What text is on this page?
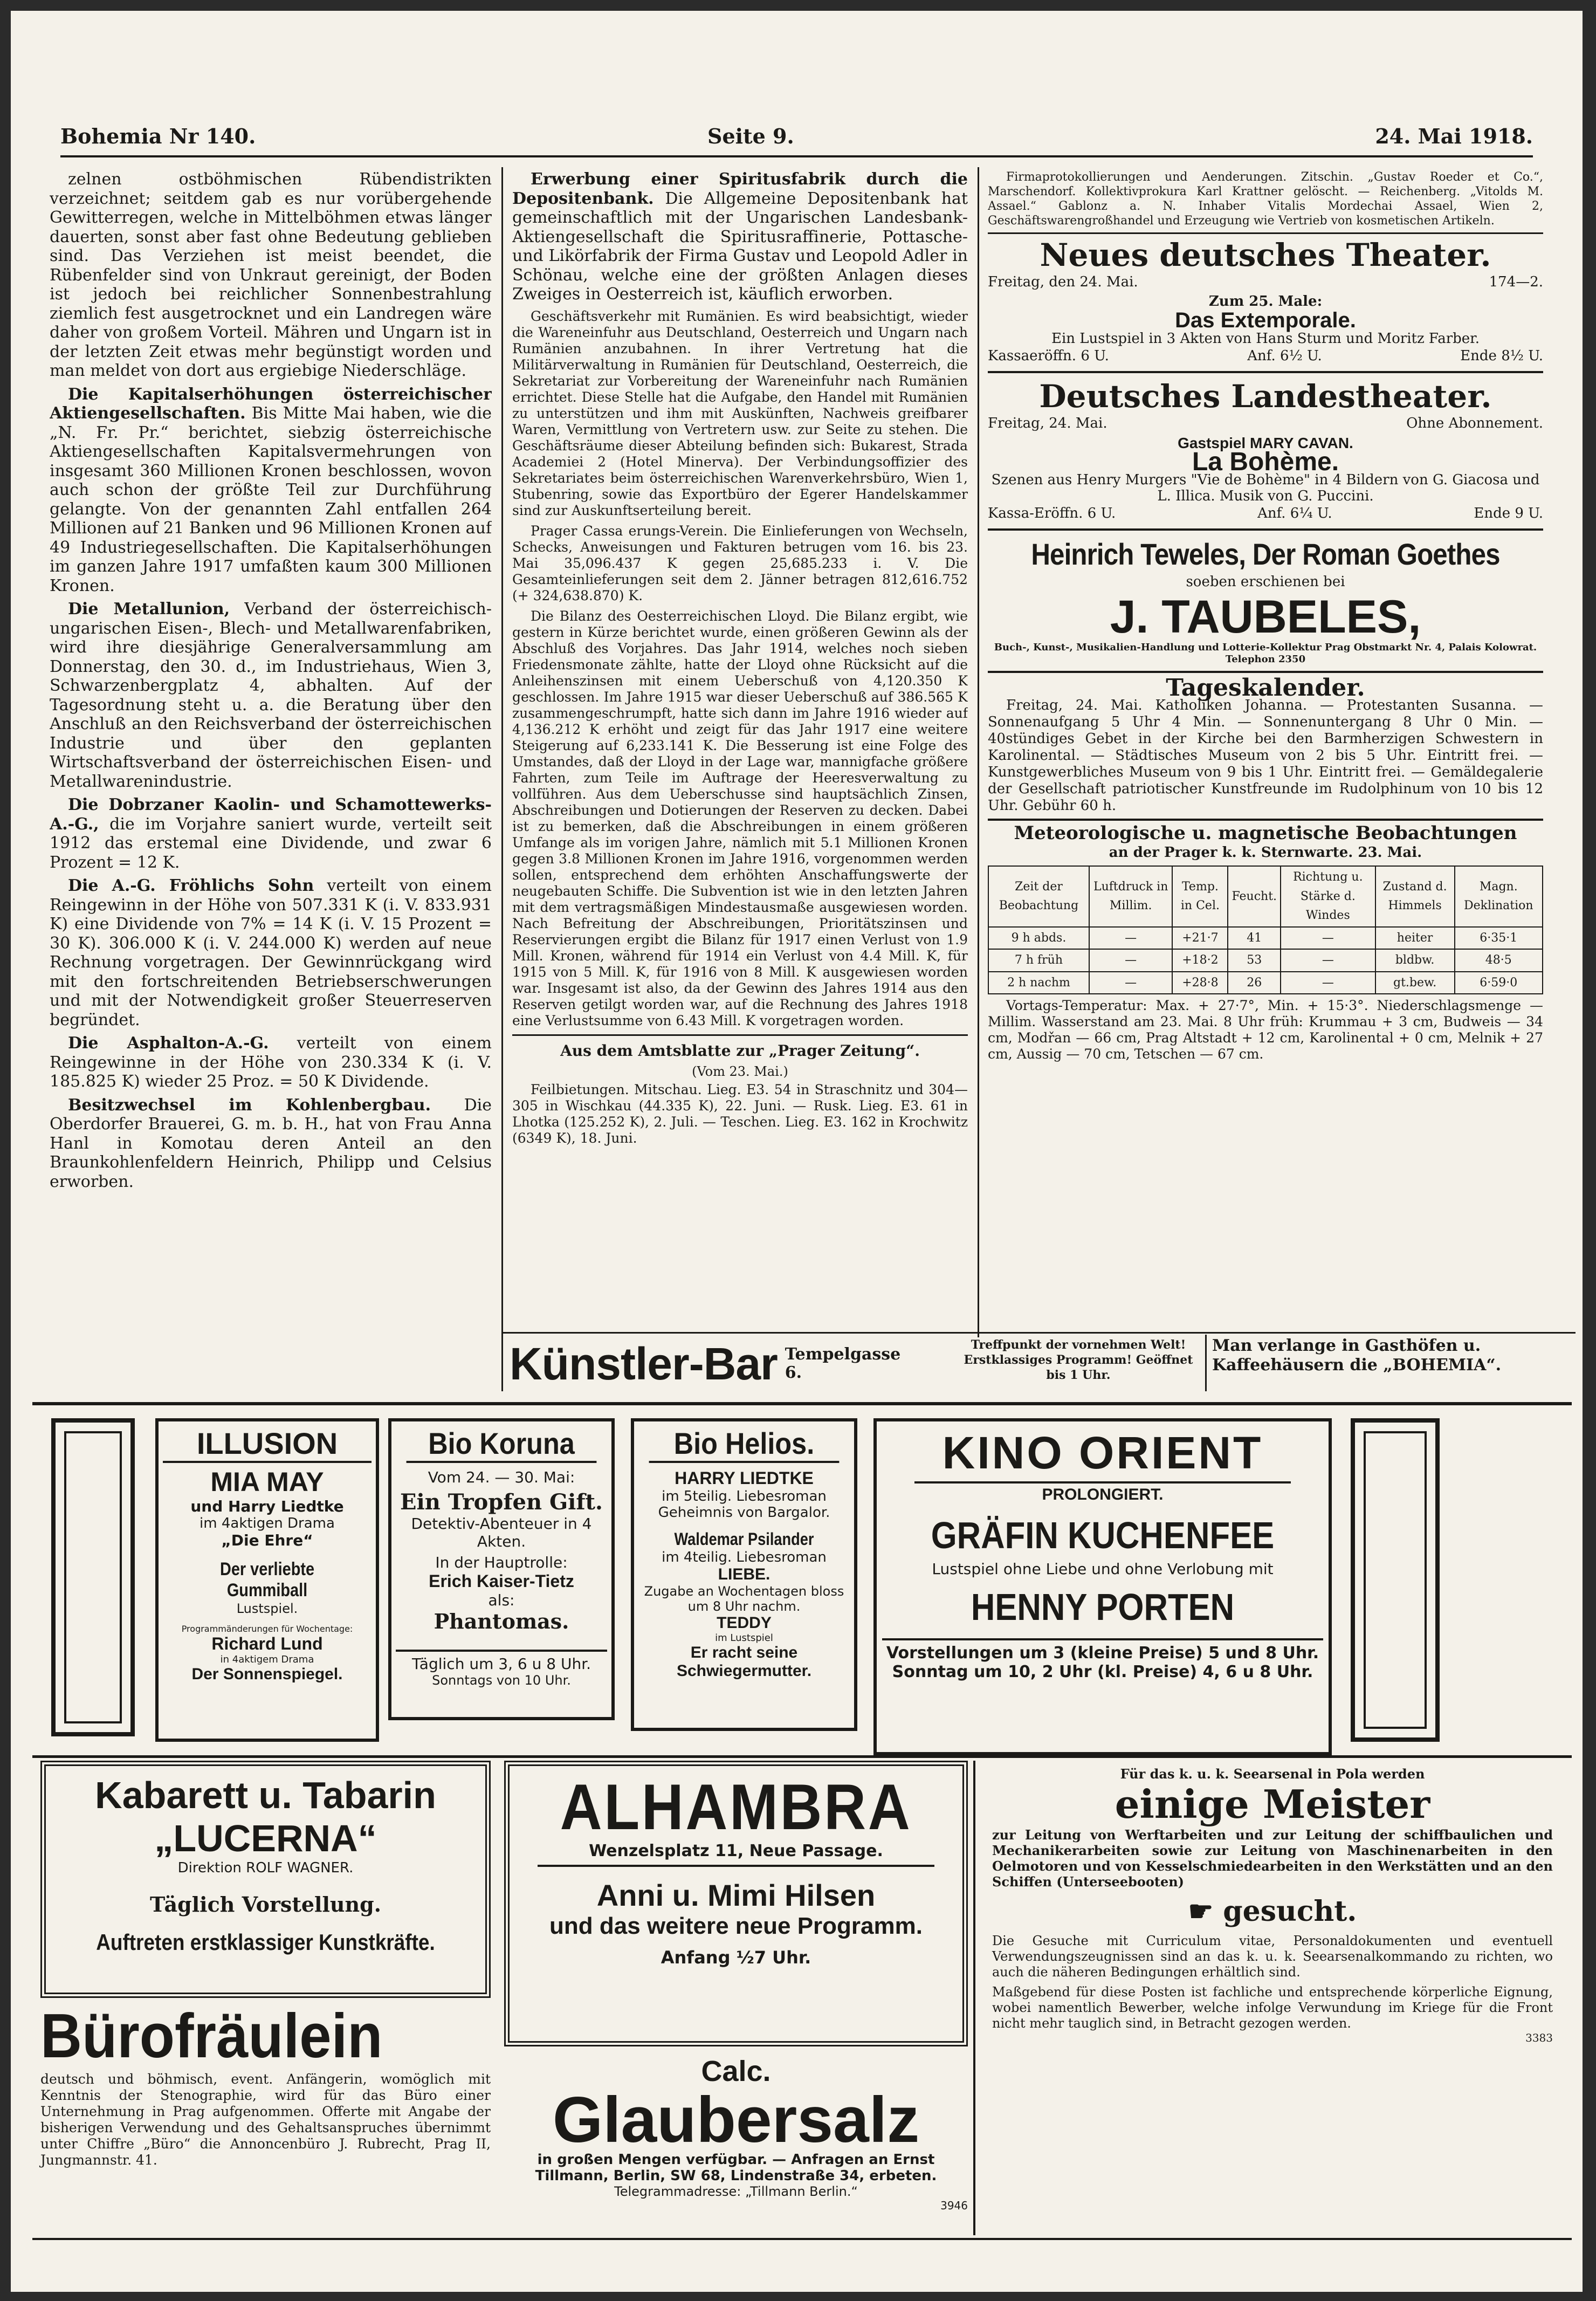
Bohemia Nr 140.	Seite 9.	24. Mai 1918.

zelnen ostböhmischen Rübendistrikten verzeichnet; seitdem gab es nur vorübergehende Gewitterregen, welche in Mittelböhmen etwas länger dauerten, sonst aber fast ohne Bedeutung geblieben sind. Das Verziehen ist meist beendet, die Rübenfelder sind von Unkraut gereinigt, der Boden ist jedoch bei reichlicher Sonnenbestrahlung ziemlich fest ausgetrocknet und ein Landregen wäre daher von großem Vorteil. Mähren und Ungarn ist in der letzten Zeit etwas mehr begünstigt worden und man meldet von dort aus ergiebige Niederschläge.

Die Kapitalserhöhungen österreichischer Aktiengesellschaften. Bis Mitte Mai haben, wie die „N. Fr. Pr.“ berichtet, siebzig österreichische Aktiengesellschaften Kapitalsvermehrungen von insgesamt 360 Millionen Kronen beschlossen, wovon auch schon der größte Teil zur Durchführung gelangte. Von der genannten Zahl entfallen 264 Millionen auf 21 Banken und 96 Millionen Kronen auf 49 Industriegesellschaften. Die Kapitalserhöhungen im ganzen Jahre 1917 umfaßten kaum 300 Millionen Kronen.

Die Metallunion, Verband der österreichisch-ungarischen Eisen-, Blech- und Metallwarenfabriken, wird ihre diesjährige Generalversammlung am Donnerstag, den 30. d., im Industriehaus, Wien 3, Schwarzenbergplatz 4, abhalten. Auf der Tagesordnung steht u. a. die Beratung über den Anschluß an den Reichsverband der österreichischen Industrie und über den geplanten Wirtschaftsverband der österreichischen Eisen- und Metallwarenindustrie.

Die Dobrzaner Kaolin- und Schamottewerks-A.-G., die im Vorjahre saniert wurde, verteilt seit 1912 das erstemal eine Dividende, und zwar 6 Prozent = 12 K.

Die A.-G. Fröhlichs Sohn verteilt von einem Reingewinn in der Höhe von 507.331 K (i. V. 833.931 K) eine Dividende von 7% = 14 K (i. V. 15 Prozent = 30 K). 306.000 K (i. V. 244.000 K) werden auf neue Rechnung vorgetragen. Der Gewinnrückgang wird mit den fortschreitenden Betriebserschwerungen und mit der Notwendigkeit großer Steuerreserven begründet.

Die Asphalton-A.-G. verteilt von einem Reingewinne in der Höhe von 230.334 K (i. V. 185.825 K) wieder 25 Proz. = 50 K Dividende.

Besitzwechsel im Kohlenbergbau. Die Oberdorfer Brauerei, G. m. b. H., hat von Frau Anna Hanl in Komotau deren Anteil an den Braunkohlenfeldern Heinrich, Philipp und Celsius erworben.

Erwerbung einer Spiritusfabrik durch die Depositenbank. Die Allgemeine Depositenbank hat gemeinschaftlich mit der Ungarischen Landesbank-Aktiengesellschaft die Spiritusraffinerie, Pottasche- und Likörfabrik der Firma Gustav und Leopold Adler in Schönau, welche eine der größten Anlagen dieses Zweiges in Oesterreich ist, käuflich erworben.

Geschäftsverkehr mit Rumänien. Es wird beabsichtigt, wieder die Wareneinfuhr aus Deutschland, Oesterreich und Ungarn nach Rumänien anzubahnen. In ihrer Vertretung hat die Militärverwaltung in Rumänien für Deutschland, Oesterreich, die Sekretariat zur Vorbereitung der Wareneinfuhr nach Rumänien errichtet. Diese Stelle hat die Aufgabe, den Handel mit Rumänien zu unterstützen und ihm mit Auskünften, Nachweis greifbarer Waren, Vermittlung von Vertretern usw. zur Seite zu stehen. Die Geschäftsräume dieser Abteilung befinden sich: Bukarest, Strada Academiei 2 (Hotel Minerva). Der Verbindungsoffizier des Sekretariates beim österreichischen Warenverkehrsbüro, Wien 1, Stubenring, sowie das Exportbüro der Egerer Handelskammer sind zur Auskunftserteilung bereit.

Prager Cassa erungs-Verein. Die Einlieferungen von Wechseln, Schecks, Anweisungen und Fakturen betrugen vom 16. bis 23. Mai 35,096.437 K gegen 25,685.233 i. V. Die Gesamteinlieferungen seit dem 2. Jänner betragen 812,616.752 (+ 324,638.870) K.

Die Bilanz des Oesterreichischen Lloyd. Die Bilanz ergibt, wie gestern in Kürze berichtet wurde, einen größeren Gewinn als der Abschluß des Vorjahres. Das Jahr 1914, welches noch sieben Friedensmonate zählte, hatte der Lloyd ohne Rücksicht auf die Anleihenszinsen mit einem Ueberschuß von 4,120.350 K geschlossen. Im Jahre 1915 war dieser Ueberschuß auf 386.565 K zusammengeschrumpft, hatte sich dann im Jahre 1916 wieder auf 4,136.212 K erhöht und zeigt für das Jahr 1917 eine weitere Steigerung auf 6,233.141 K. Die Besserung ist eine Folge des Umstandes, daß der Lloyd in der Lage war, mannigfache größere Fahrten, zum Teile im Auftrage der Heeresverwaltung zu vollführen. Aus dem Ueberschusse sind hauptsächlich Zinsen, Abschreibungen und Dotierungen der Reserven zu decken. Dabei ist zu bemerken, daß die Abschreibungen in einem größeren Umfange als im vorigen Jahre, nämlich mit 5.1 Millionen Kronen gegen 3.8 Millionen Kronen im Jahre 1916, vorgenommen werden sollen, entsprechend dem erhöhten Anschaffungswerte der neugebauten Schiffe. Die Subvention ist wie in den letzten Jahren mit dem vertragsmäßigen Mindestausmaße ausgewiesen worden. Nach Befreitung der Abschreibungen, Prioritätszinsen und Reservierungen ergibt die Bilanz für 1917 einen Verlust von 1.9 Mill. Kronen, während für 1914 ein Verlust von 4.4 Mill. K, für 1915 von 5 Mill. K, für 1916 von 8 Mill. K ausgewiesen worden war. Insgesamt ist also, da der Gewinn des Jahres 1914 aus den Reserven getilgt worden war, auf die Rechnung des Jahres 1918 eine Verlustsumme von 6.43 Mill. K vorgetragen worden.

Aus dem Amtsblatte zur „Prager Zeitung“.
(Vom 23. Mai.)

Feilbietungen. Mitschau. Lieg. E3. 54 in Straschnitz und 304—305 in Wischkau (44.335 K), 22. Juni. — Rusk. Lieg. E3. 61 in Lhotka (125.252 K), 2. Juli. — Teschen. Lieg. E3. 162 in Krochwitz (6349 K), 18. Juni.

Firmaprotokollierungen und Aenderungen. Zitschin. „Gustav Roeder et Co.“, Marschendorf. Kollektivprokura Karl Krattner gelöscht. — Reichenberg. „Vitolds M. Assael.“ Gablonz a. N. Inhaber Vitalis Mordechai Assael, Wien 2, Geschäftswarengroßhandel und Erzeugung wie Vertrieb von kosmetischen Artikeln.

Neues deutsches Theater.
Freitag, den 24. Mai.	174—2.
Zum 25. Male:
Das Extemporale.
Ein Lustspiel in 3 Akten von Hans Sturm und Moritz Farber.
Kassaeröffn. 6 U.	Anf. 6½ U.	Ende 8½ U.
Deutsches Landestheater.
Freitag, 24. Mai.	Ohne Abonnement.
Gastspiel MARY CAVAN.
La Bohème.
Szenen aus Henry Murgers "Vie de Bohème" in 4 Bildern von G. Giacosa und L. Illica. Musik von G. Puccini.
Kassa-Eröffn. 6 U.	Anf. 6¼ U.	Ende 9 U.
Heinrich Teweles, Der Roman Goethes
soeben erschienen bei
J. TAUBELES,
Buch-, Kunst-, Musikalien-Handlung und Lotterie-Kollektur Prag Obstmarkt Nr. 4, Palais Kolowrat. Telephon 2350
Tageskalender.

Freitag, 24. Mai. Katholiken Johanna. — Protestanten Susanna. — Sonnenaufgang 5 Uhr 4 Min. — Sonnenuntergang 8 Uhr 0 Min. — 40stündiges Gebet in der Kirche bei den Barmherzigen Schwestern in Karolinental. — Städtisches Museum von 2 bis 5 Uhr. Eintritt frei. — Kunstgewerbliches Museum von 9 bis 1 Uhr. Eintritt frei. — Gemäldegalerie der Gesellschaft patriotischer Kunstfreunde im Rudolphinum von 10 bis 12 Uhr. Gebühr 60 h.

Meteorologische u. magnetische Beobachtungen
an der Prager k. k. Sternwarte. 23. Mai.
Zeit der Beobachtung	Luftdruck in Millim.	Temp. in Cel.	Feucht.	Richtung u. Stärke d. Windes	Zustand d. Himmels	Magn. Deklination
9 h abds.	—	+21·7	41	—	heiter	6·35·1
7 h früh	—	+18·2	53	—	bldbw.	48·5
2 h nachm	—	+28·8	26	—	gt.bew.	6·59·0

Vortags-Temperatur: Max. + 27·7°, Min. + 15·3°. Niederschlagsmenge — Millim. Wasserstand am 23. Mai. 8 Uhr früh: Krummau + 3 cm, Budweis — 34 cm, Modřan — 66 cm, Prag Altstadt + 12 cm, Karolinental + 0 cm, Melnik + 27 cm, Aussig — 70 cm, Tetschen — 67 cm.

Künstler-Bar Tempelgasse 6.
Treffpunkt der vornehmen Welt! Erstklassiges Programm! Geöffnet bis 1 Uhr.
Man verlange in Gasthöfen u. Kaffeehäusern die „BOHEMIA“.
ILLUSION
MIA MAY
und Harry Liedtke
im 4aktigen Drama
„Die Ehre“
Der verliebte Gummiball
Lustspiel.
Programmänderungen für Wochentage:
Richard Lund
in 4aktigem Drama
Der Sonnenspiegel.
Bio Koruna
Vom 24. — 30. Mai:
Ein Tropfen Gift.
Detektiv-Abenteuer in 4 Akten.
In der Hauptrolle:
Erich Kaiser-Tietz
als:
Phantomas.
Täglich um 3, 6 u 8 Uhr.
Sonntags von 10 Uhr.
Bio Helios.
HARRY LIEDTKE
im 5teilig. Liebesroman
Geheimnis von Bargalor.
Waldemar Psilander
im 4teilig. Liebesroman
LIEBE.
Zugabe an Wochentagen bloss um 8 Uhr nachm.
TEDDY
im Lustspiel
Er racht seine Schwiegermutter.
KINO ORIENT
PROLONGIERT.
GRÄFIN KUCHENFEE
Lustspiel ohne Liebe und ohne Verlobung mit
HENNY PORTEN
Vorstellungen um 3 (kleine Preise) 5 und 8 Uhr.
Sonntag um 10, 2 Uhr (kl. Preise) 4, 6 u 8 Uhr.
Kabarett u. Tabarin
„LUCERNA“
Direktion ROLF WAGNER.
Täglich Vorstellung.
Auftreten erstklassiger Kunstkräfte.
Bürofräulein
deutsch und böhmisch, event. Anfängerin, womöglich mit Kenntnis der Stenographie, wird für das Büro einer Unternehmung in Prag aufgenommen. Offerte mit Angabe der bisherigen Verwendung und des Gehaltsanspruches übernimmt unter Chiffre „Büro“ die Annoncenbüro J. Rubrecht, Prag II, Jungmannstr. 41.
ALHAMBRA
Wenzelsplatz 11, Neue Passage.
Anni u. Mimi Hilsen
und das weitere neue Programm.
Anfang ½7 Uhr.
Calc.
Glaubersalz
in großen Mengen verfügbar. — Anfragen an Ernst Tillmann, Berlin, SW 68, Lindenstraße 34, erbeten.
Telegrammadresse: „Tillmann Berlin.“
3946
Für das k. u. k. Seearsenal in Pola werden
einige Meister
zur Leitung von Werftarbeiten und zur Leitung der schiffbaulichen und Mechanikerarbeiten sowie zur Leitung von Maschinenarbeiten in den Oelmotoren und von Kesselschmiedearbeiten in den Werkstätten und an den Schiffen (Unterseebooten)
☛ gesucht.
Die Gesuche mit Curriculum vitae, Personaldokumenten und eventuell Verwendungszeugnissen sind an das k. u. k. Seearsenalkommando zu richten, wo auch die näheren Bedingungen erhältlich sind.
Maßgebend für diese Posten ist fachliche und entsprechende körperliche Eignung, wobei namentlich Bewerber, welche infolge Verwundung im Kriege für die Front nicht mehr tauglich sind, in Betracht gezogen werden.
3383
